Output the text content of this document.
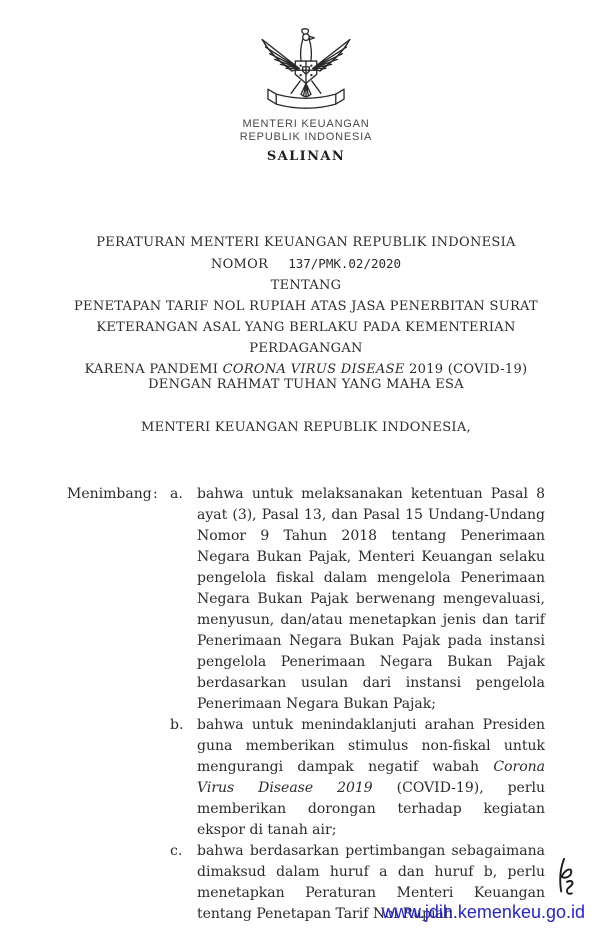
MENTERI KEUANGAN
REPUBLIK INDONESIA
SALINAN
PERATURAN MENTERI KEUANGAN REPUBLIK INDONESIA
NOMOR 137/PMK.02/2020
TENTANG
PENETAPAN TARIF NOL RUPIAH ATAS JASA PENERBITAN SURAT
KETERANGAN ASAL YANG BERLAKU PADA KEMENTERIAN PERDAGANGAN
KARENA PANDEMI CORONA VIRUS DISEASE 2019 (COVID-19)
DENGAN RAHMAT TUHAN YANG MAHA ESA
MENTERI KEUANGAN REPUBLIK INDONESIA,
Menimbang : a. bahwa untuk melaksanakan ketentuan Pasal 8 ayat (3), Pasal 13, dan Pasal 15 Undang-Undang Nomor 9 Tahun 2018 tentang Penerimaan Negara Bukan Pajak, Menteri Keuangan selaku pengelola fiskal dalam mengelola Penerimaan Negara Bukan Pajak berwenang mengevaluasi, menyusun, dan/atau menetapkan jenis dan tarif Penerimaan Negara Bukan Pajak pada instansi pengelola Penerimaan Negara Bukan Pajak berdasarkan usulan dari instansi pengelola Penerimaan Negara Bukan Pajak;

b. bahwa untuk menindaklanjuti arahan Presiden guna memberikan stimulus non-fiskal untuk mengurangi dampak negatif wabah Corona Virus Disease 2019 (COVID-19), perlu memberikan dorongan terhadap kegiatan ekspor di tanah air;

c. bahwa berdasarkan pertimbangan sebagaimana dimaksud dalam huruf a dan huruf b, perlu menetapkan Peraturan Menteri Keuangan tentang Penetapan Tarif Nol Rupiah

www.jdih.kemenkeu.go.id
